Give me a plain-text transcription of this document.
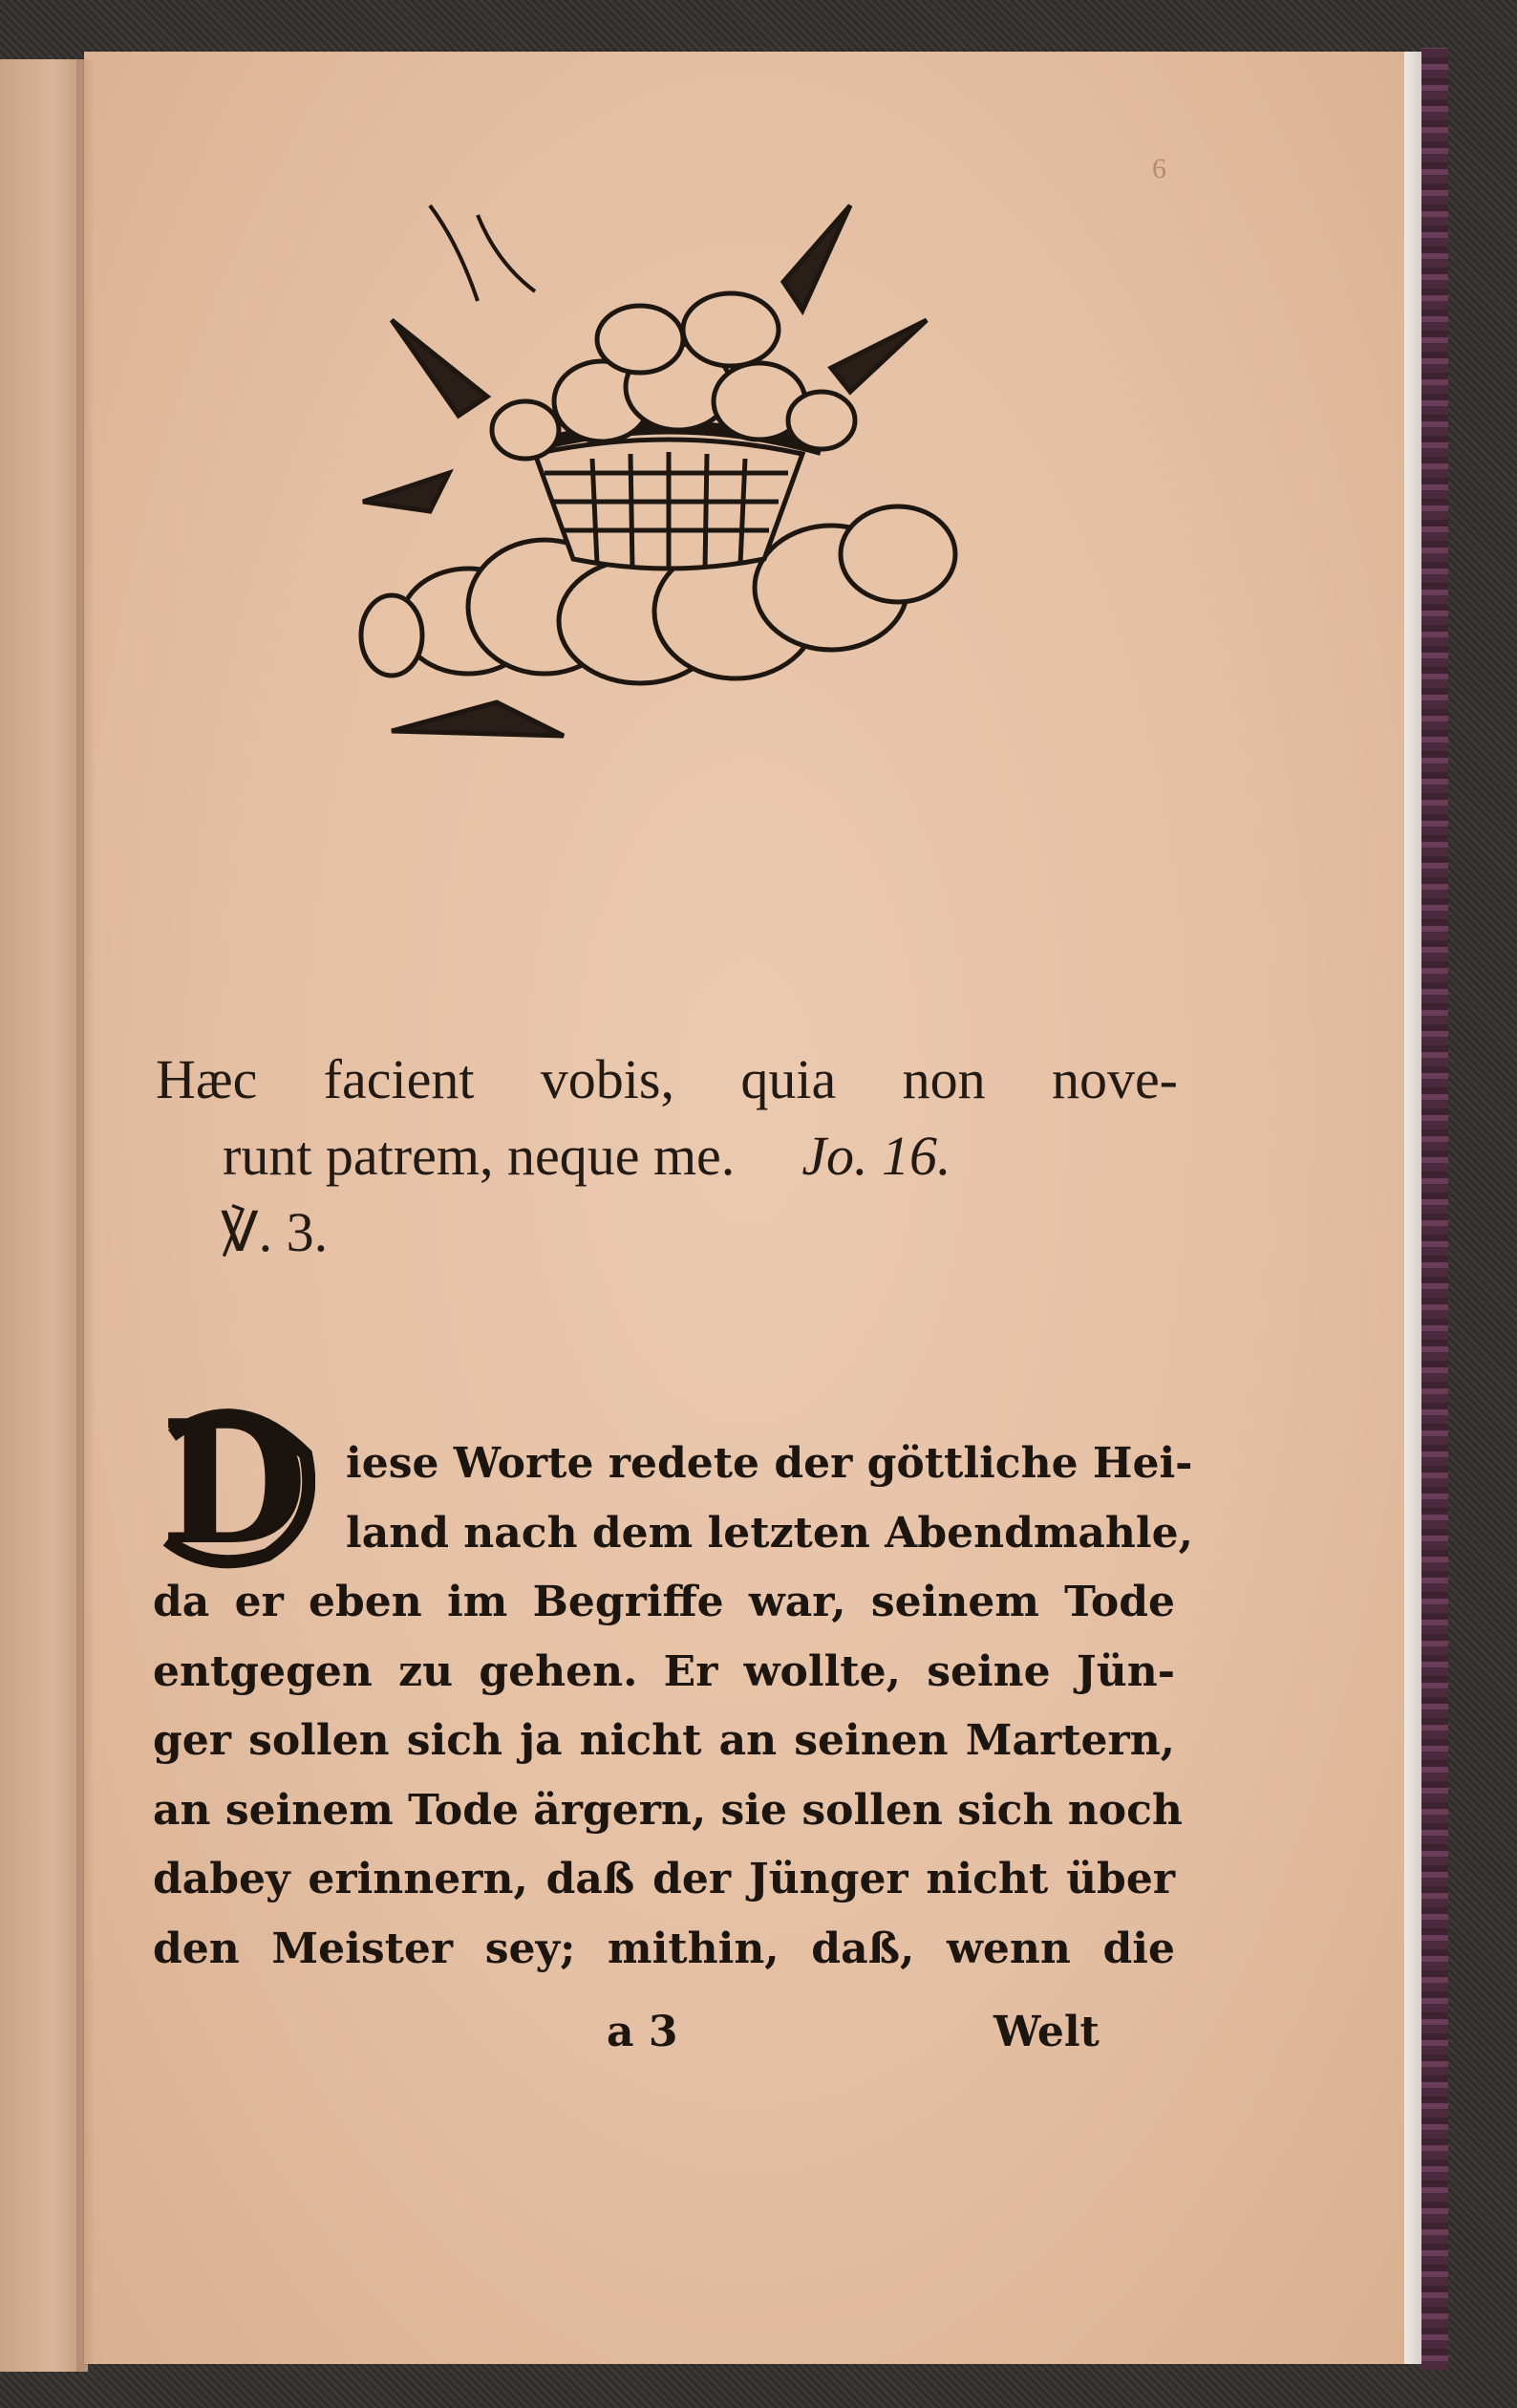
6
Hæc facient vobis, quia non nove-
runt patrem, neque me. Jo. 16.
℣. 3.
D iese Worte redete der göttliche Hei-
land nach dem letzten Abendmahle,
da er eben im Begriffe war, seinem Tode
entgegen zu gehen. Er wollte, seine Jün-
ger sollen sich ja nicht an seinen Martern,
an seinem Tode ärgern, sie sollen sich noch
dabey erinnern, daß der Jünger nicht über
den Meister sey; mithin, daß, wenn die
a 3	Welt
